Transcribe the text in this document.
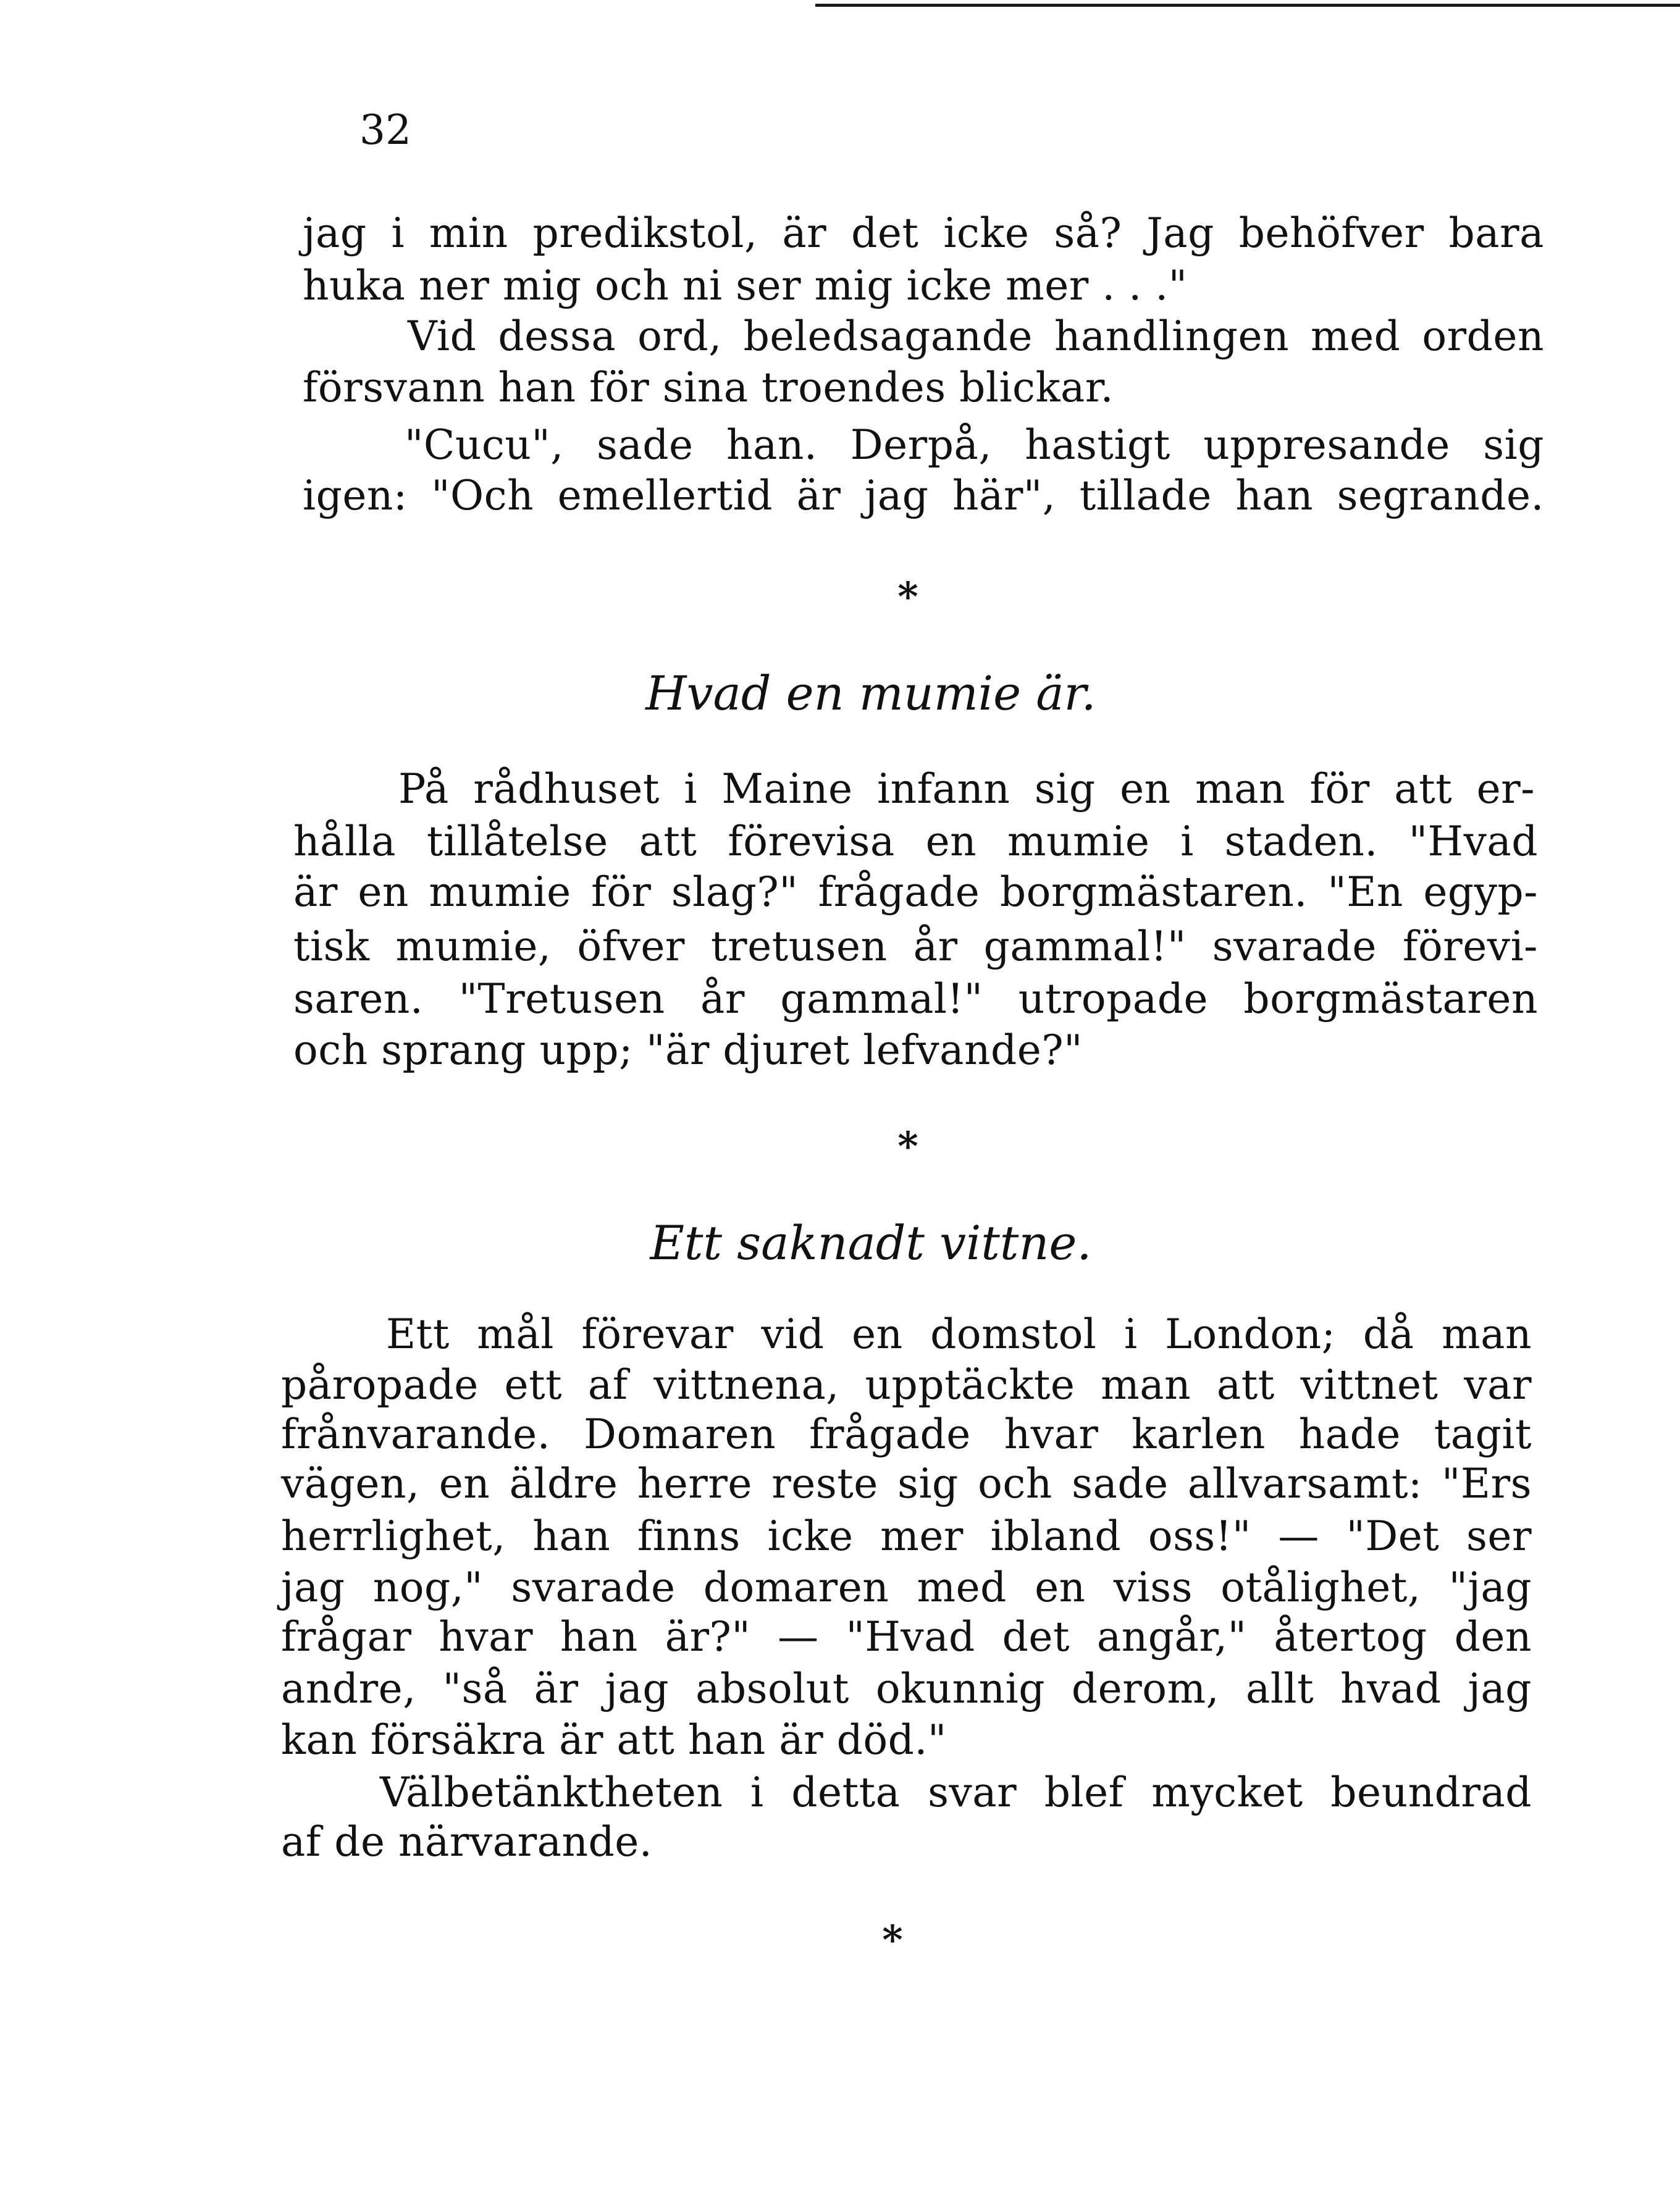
32
jag i min predikstol, är det icke så? Jag behöfver bara
huka ner mig och ni ser mig icke mer . . ."
Vid dessa ord, beledsagande handlingen med orden
försvann han för sina troendes blickar.
"Cucu", sade han. Derpå, hastigt uppresande sig
igen: "Och emellertid är jag här", tillade han segrande.
*
Hvad en mumie är.
På rådhuset i Maine infann sig en man för att er-
hålla tillåtelse att förevisa en mumie i staden. "Hvad
är en mumie för slag?" frågade borgmästaren. "En egyp-
tisk mumie, öfver tretusen år gammal!" svarade förevi-
saren. "Tretusen år gammal!" utropade borgmästaren
och sprang upp; "är djuret lefvande?"
*
Ett saknadt vittne.
Ett mål förevar vid en domstol i London; då man
påropade ett af vittnena, upptäckte man att vittnet var
frånvarande. Domaren frågade hvar karlen hade tagit
vägen, en äldre herre reste sig och sade allvarsamt: "Ers
herrlighet, han finns icke mer ibland oss!" — "Det ser
jag nog," svarade domaren med en viss otålighet, "jag
frågar hvar han är?" — "Hvad det angår," återtog den
andre, "så är jag absolut okunnig derom, allt hvad jag
kan försäkra är att han är död."
Välbetänktheten i detta svar blef mycket beundrad
af de närvarande.
*
